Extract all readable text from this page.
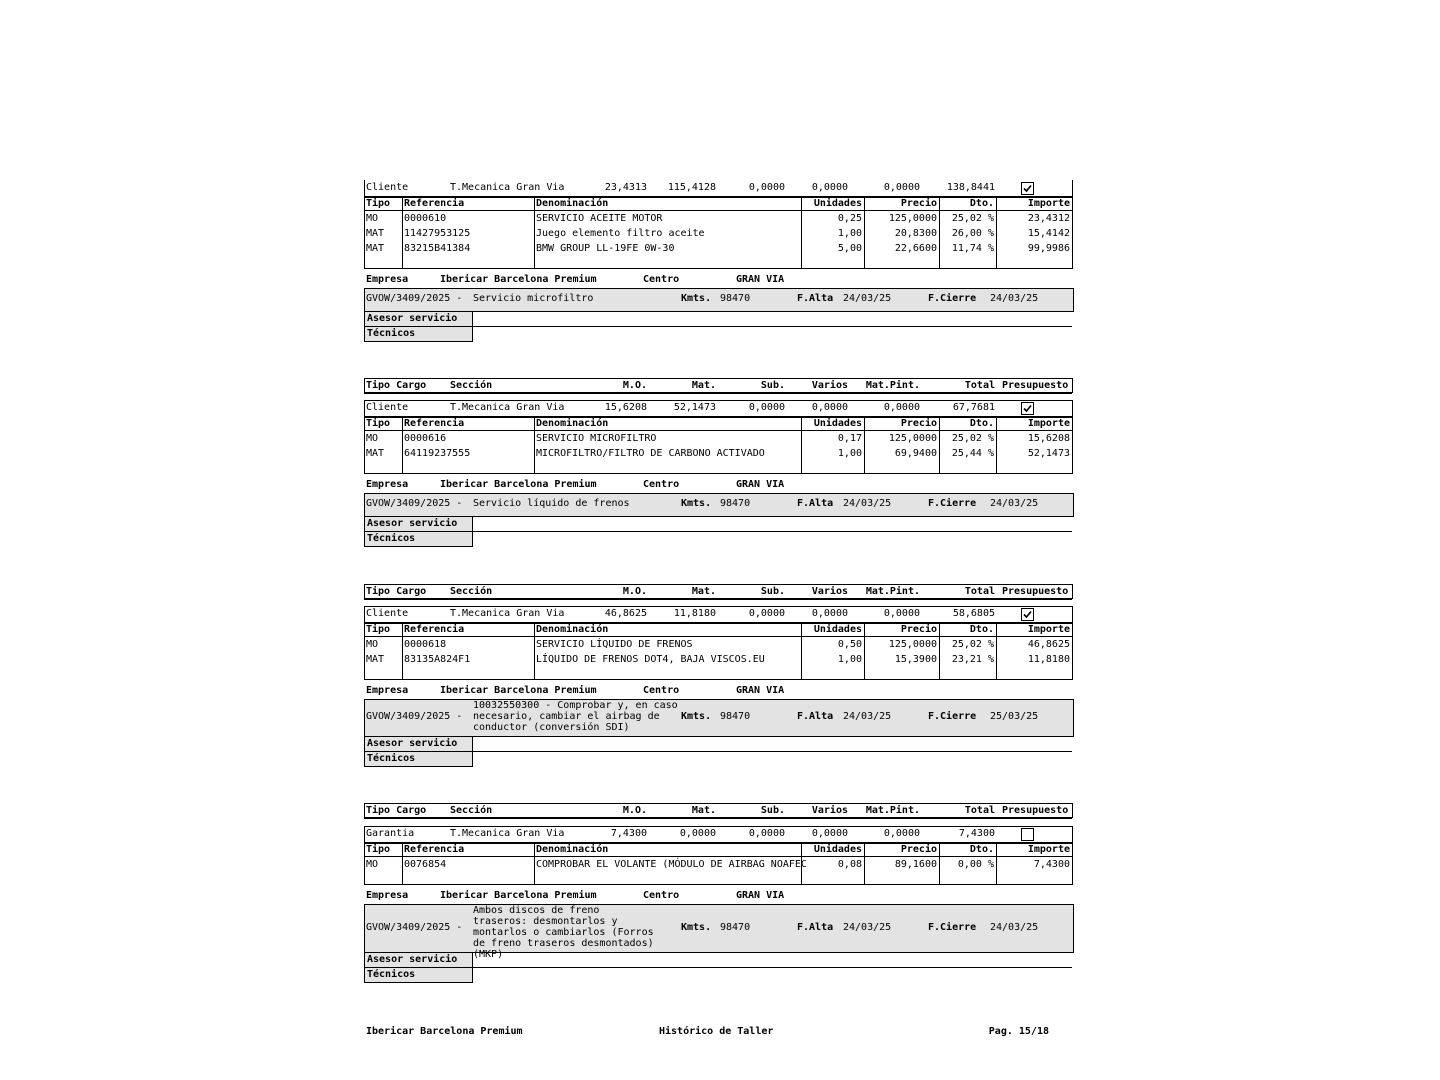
Cliente	T.Mecanica Gran Via	23,4313	115,4128	0,0000	0,0000	0,0000	138,8441
Tipo Referencia	Denominación	Unidades	Precio	Dto.	Importe
MO	0000610	SERVICIO ACEITE MOTOR	0,25	125,0000	25,02 %	23,4312
MAT 11427953125	Juego elemento filtro aceite	1,00	20,8300	26,00 %	15,4142
MAT 83215B41384	BMW GROUP LL-19FE 0W-30	5,00	22,6600	11,74 %	99,9986
Empresa	Ibericar Barcelona Premium	Centro	GRAN VIA
GVOW/3409/2025 - Servicio microfiltro	Kmts. 98470	F.Alta 24/03/25	F.Cierre 24/03/25
Asesor servicio
Técnicos
Tipo Cargo Sección	M.O.	Mat.	Sub.	Varios	Mat.Pint.	Total Presupuesto
Cliente	T.Mecanica Gran Via	15,6208	52,1473	0,0000	0,0000	0,0000	67,7681
Tipo Referencia	Denominación	Unidades	Precio	Dto.	Importe
MO	0000616	SERVICIO MICROFILTRO	0,17	125,0000	25,02 %	15,6208
MAT 64119237555	MICROFILTRO/FILTRO DE CARBONO ACTIVADO	1,00	69,9400	25,44 %	52,1473
Empresa	Ibericar Barcelona Premium	Centro	GRAN VIA
GVOW/3409/2025 - Servicio líquido de frenos	Kmts. 98470	F.Alta 24/03/25	F.Cierre 24/03/25
Asesor servicio
Técnicos
Tipo Cargo Sección	M.O.	Mat.	Sub.	Varios	Mat.Pint.	Total Presupuesto
Cliente	T.Mecanica Gran Via	46,8625	11,8180	0,0000	0,0000	0,0000	58,6805
Tipo Referencia	Denominación	Unidades	Precio	Dto.	Importe
MO	0000618	SERVICIO LÍQUIDO DE FRENOS	0,50	125,0000	25,02 %	46,8625
MAT 83135A824F1	LÍQUIDO DE FRENOS DOT4, BAJA VISCOS.EU	1,00	15,3900	23,21 %	11,8180
Empresa	Ibericar Barcelona Premium	Centro	GRAN VIA
GVOW/3409/2025 -
10032550300 - Comprobar y, en caso necesario, cambiar el airbag de conductor (conversión SDI)
Kmts. 98470	F.Alta 24/03/25	F.Cierre 25/03/25
Asesor servicio
Técnicos
Tipo Cargo Sección	M.O.	Mat.	Sub.	Varios	Mat.Pint.	Total Presupuesto
Garantia	T.Mecanica Gran Via	7,4300	0,0000	0,0000	0,0000	0,0000	7,4300
Tipo Referencia	Denominación	Unidades	Precio	Dto.	Importe
MO	0076854	COMPROBAR EL VOLANTE (MÓDULO DE AIRBAG NOAFEC	0,08	89,1600	0,00 %	7,4300
Empresa	Ibericar Barcelona Premium	Centro	GRAN VIA
GVOW/3409/2025 -
Ambos discos de freno traseros: desmontarlos y montarlos o cambiarlos (Forros de freno traseros desmontados) (MKP)
Kmts. 98470	F.Alta 24/03/25	F.Cierre 24/03/25
Asesor servicio
Técnicos
Ibericar Barcelona Premium	Histórico de Taller	Pag. 15/18
